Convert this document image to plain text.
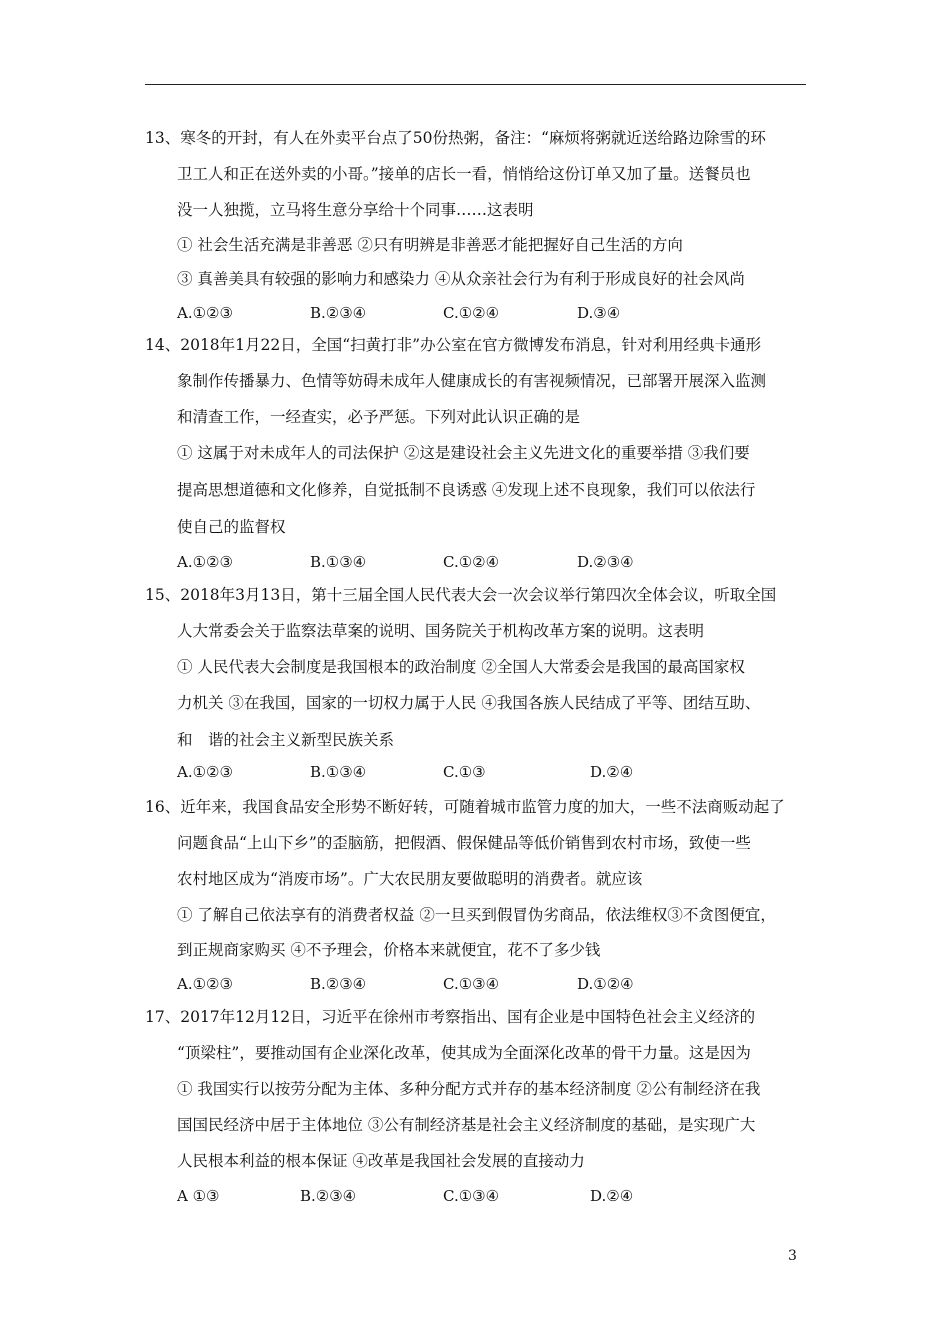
13、寒冬的开封，有人在外卖平台点了50份热粥，备注：“麻烦将粥就近送给路边除雪的环
卫工人和正在送外卖的小哥。”接单的店长一看，悄悄给这份订单又加了量。送餐员也
没一人独揽，立马将生意分享给十个同事……这表明
① 社会生活充满是非善恶 ②只有明辨是非善恶才能把握好自己生活的方向
③ 真善美具有较强的影响力和感染力 ④从众亲社会行为有利于形成良好的社会风尚
A.①②③	B.②③④	C.①②④	D.③④
14、2018年1月22日，全国“扫黄打非”办公室在官方微博发布消息，针对利用经典卡通形
象制作传播暴力、色情等妨碍未成年人健康成长的有害视频情况，已部署开展深入监测
和清查工作，一经查实，必予严惩。下列对此认识正确的是
① 这属于对未成年人的司法保护 ②这是建设社会主义先进文化的重要举措 ③我们要
提高思想道德和文化修养，自觉抵制不良诱惑 ④发现上述不良现象，我们可以依法行
使自己的监督权
A.①②③	B.①③④	C.①②④	D.②③④
15、2018年3月13日，第十三届全国人民代表大会一次会议举行第四次全体会议，听取全国
人大常委会关于监察法草案的说明、国务院关于机构改革方案的说明。这表明
① 人民代表大会制度是我国根本的政治制度 ②全国人大常委会是我国的最高国家权
力机关 ③在我国，国家的一切权力属于人民 ④我国各族人民结成了平等、团结互助、
和　谐的社会主义新型民族关系
A.①②③	B.①③④	C.①③	D.②④
16、近年来，我国食品安全形势不断好转，可随着城市监管力度的加大，一些不法商贩动起了
问题食品“上山下乡”的歪脑筋，把假酒、假保健品等低价销售到农村市场，致使一些
农村地区成为“消废市场”。广大农民朋友要做聪明的消费者。就应该
① 了解自己依法享有的消费者权益 ②一旦买到假冒伪劣商品，依法维权③不贪图便宜，
到正规商家购买 ④不予理会，价格本来就便宜，花不了多少钱
A.①②③	B.②③④	C.①③④	D.①②④
17、2017年12月12日，习近平在徐州市考察指出、国有企业是中国特色社会主义经济的
“顶梁柱”，要推动国有企业深化改革，使其成为全面深化改革的骨干力量。这是因为
① 我国实行以按劳分配为主体、多种分配方式并存的基本经济制度 ②公有制经济在我
国国民经济中居于主体地位 ③公有制经济基是社会主义经济制度的基础，是实现广大
人民根本利益的根本保证 ④改革是我国社会发展的直接动力
A ①③	B.②③④	C.①③④	D.②④
3
